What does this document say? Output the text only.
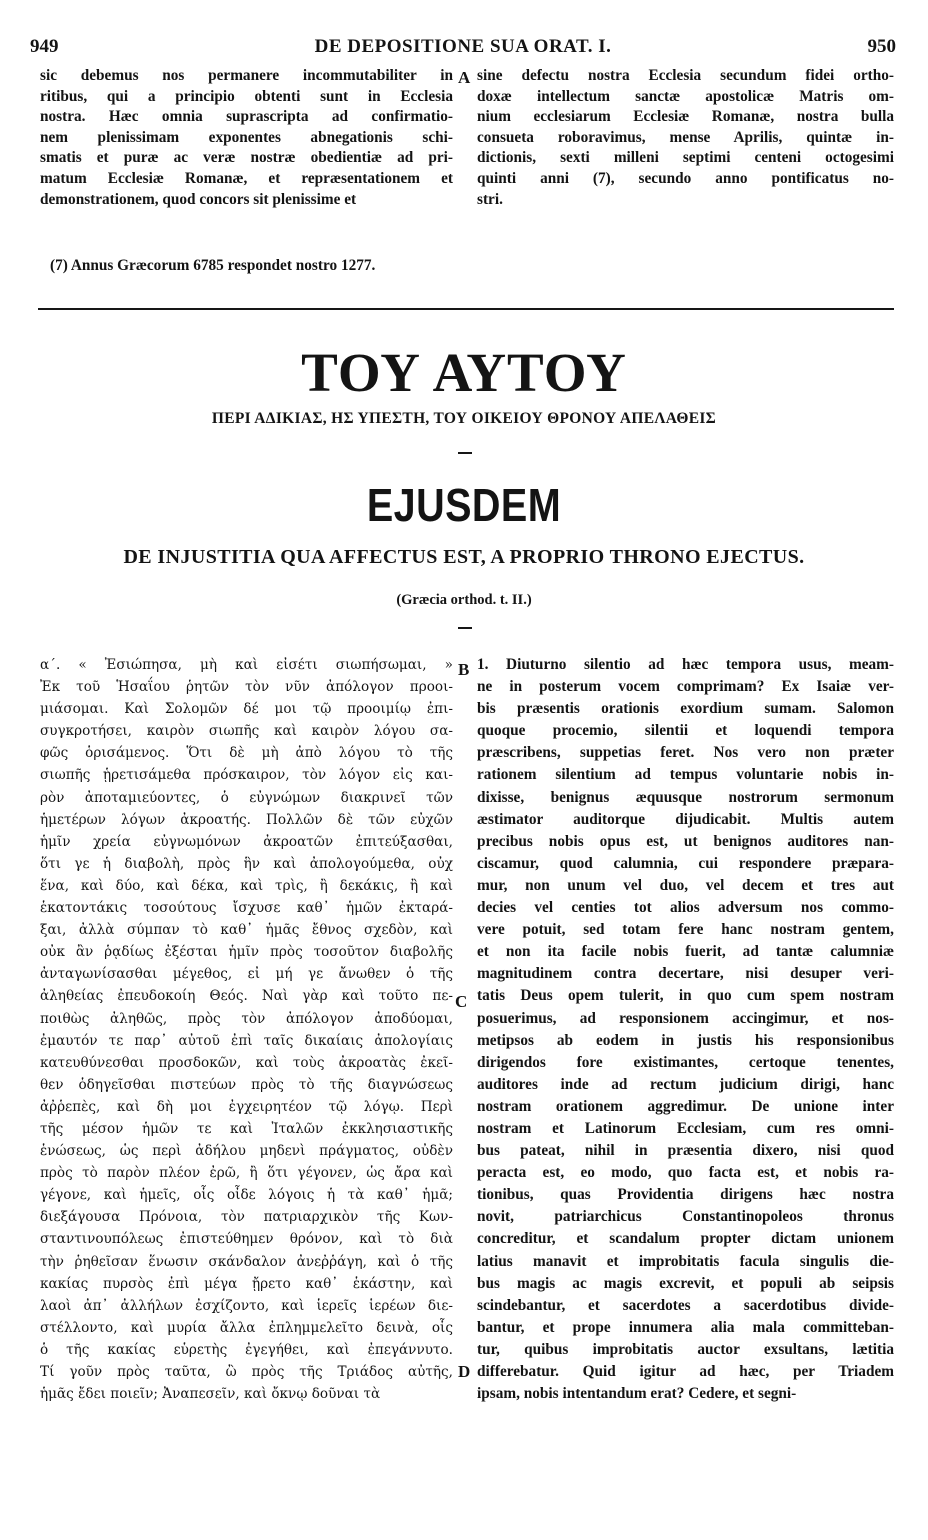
949	DE DEPOSITIONE SUA ORAT. I.	950
sic debemus nos permanere incommutabiliter in
ritibus, qui a principio obtenti sunt in Ecclesia
nostra. Hæc omnia suprascripta ad confirmatio-
nem plenissimam exponentes abnegationis schi-
smatis et puræ ac veræ nostræ obedientiæ ad pri-
matum Ecclesiæ Romanæ, et repræsentationem et
demonstrationem, quod concors sit plenissime et
sine defectu nostra Ecclesia secundum fidei ortho-
doxæ intellectum sanctæ apostolicæ Matris om-
nium ecclesiarum Ecclesiæ Romanæ, nostra bulla
consueta roboravimus, mense Aprilis, quintæ in-
dictionis, sexti milleni septimi centeni octogesimi
quinti anni (7), secundo anno pontificatus no-
stri.
A
(7) Annus Græcorum 6785 respondet nostro 1277.
ΤΟΥ ΑΥΤΟΥ
ΠΕΡΙ ΑΔΙΚΙΑΣ, ΗΣ ΥΠΕΣΤΗ, ΤΟΥ ΟΙΚΕΙΟΥ ΘΡΟΝΟΥ ΑΠΕΛΑΘΕΙΣ
EJUSDEM
DE INJUSTITIA QUA AFFECTUS EST, A PROPRIO THRONO EJECTUS.
(Græcia orthod. t. II.)
α΄. « Ἐσιώπησα, μὴ καὶ εἰσέτι σιωπήσωμαι, »
Ἐκ τοῦ Ἡσαΐου ῥητῶν τὸν νῦν ἀπόλογον προοι-
μιάσομαι. Καὶ Σολομῶν δέ μοι τῷ προοιμίῳ ἐπι-
συγκροτήσει, καιρὸν σιωπῆς καὶ καιρὸν λόγου σα-
φῶς ὁρισάμενος. Ὅτι δὲ μὴ ἀπὸ λόγου τὸ τῆς
σιωπῆς ᾑρετισάμεθα πρόσκαιρον, τὸν λόγον εἰς και-
ρὸν ἀποταμιεύοντες, ὁ εὐγνώμων διακρινεῖ τῶν
ἡμετέρων λόγων ἀκροατής. Πολλῶν δὲ τῶν εὐχῶν
ἡμῖν χρεία εὐγνωμόνων ἀκροατῶν ἐπιτεύξασθαι,
ὅτι γε ἡ διαβολὴ, πρὸς ἣν καὶ ἀπολογούμεθα, οὐχ
ἕνα, καὶ δύο, καὶ δέκα, καὶ τρὶς, ἢ δεκάκις, ἢ καὶ
ἑκατοντάκις τοσούτους ἴσχυσε καθ᾽ ἡμῶν ἐκταρά-
ξαι, ἀλλὰ σύμπαν τὸ καθ᾽ ἡμᾶς ἔθνος σχεδὸν, καὶ
οὐκ ἂν ῥᾳδίως ἐξέσται ἡμῖν πρὸς τοσοῦτον διαβολῆς
ἀνταγωνίσασθαι μέγεθος, εἰ μή γε ἄνωθεν ὁ τῆς
ἀληθείας ἐπευδοκοίη Θεός. Ναὶ γὰρ καὶ τοῦτο πε-
ποιθὼς ἀληθῶς, πρὸς τὸν ἀπόλογον ἀποδύομαι,
ἐμαυτόν τε παρ᾽ αὐτοῦ ἐπὶ ταῖς δικαίαις ἀπολογίαις
κατευθύνεσθαι προσδοκῶν, καὶ τοὺς ἀκροατὰς ἐκεῖ-
θεν ὁδηγεῖσθαι πιστεύων πρὸς τὸ τῆς διαγνώσεως
ἀῤῥεπὲς, καὶ δὴ μοι ἐγχειρητέον τῷ λόγῳ. Περὶ
τῆς μέσον ἡμῶν τε καὶ Ἰταλῶν ἐκκλησιαστικῆς
ἑνώσεως, ὡς περὶ ἀδήλου μηδενὶ πράγματος, οὐδὲν
πρὸς τὸ παρὸν πλέον ἐρῶ, ἢ ὅτι γέγονεν, ὡς ἄρα καὶ
γέγονε, καὶ ἡμεῖς, οἷς οἶδε λόγοις ἡ τὰ καθ᾽ ἡμᾶ;
διεξάγουσα Πρόνοια, τὸν πατριαρχικὸν τῆς Κων-
σταντινουπόλεως ἐπιστεύθημεν θρόνον, καὶ τὸ διὰ
τὴν ῥηθεῖσαν ἕνωσιν σκάνδαλον ἀνεῤῥάγη, καὶ ὁ τῆς
κακίας πυρσὸς ἐπὶ μέγα ᾔρετο καθ᾽ ἑκάστην, καὶ
λαοὶ ἀπ᾽ ἀλλήλων ἐσχίζοντο, καὶ ἱερεῖς ἱερέων διε-
στέλλοντο, καὶ μυρία ἄλλα ἐπλημμελεῖτο δεινὰ, οἷς
ὁ τῆς κακίας εὑρετὴς ἐγεγήθει, καὶ ἐπεγάννυτο.
Τί γοῦν πρὸς ταῦτα, ὢ πρὸς τῆς Τριάδος αὐτῆς,
ἡμᾶς ἔδει ποιεῖν; Ἀναπεσεῖν, καὶ ὄκνῳ δοῦναι τὰ
1. Diuturno silentio ad hæc tempora usus, meam-
ne in posterum vocem comprimam? Ex Isaiæ ver-
bis præsentis orationis exordium sumam. Salomon
quoque procemio, silentii et loquendi tempora
præscribens, suppetias feret. Nos vero non præter
rationem silentium ad tempus voluntarie nobis in-
dixisse, benignus æquusque nostrorum sermonum
æstimator auditorque dijudicabit. Multis autem
precibus nobis opus est, ut benignos auditores nan-
ciscamur, quod calumnia, cui respondere præpara-
mur, non unum vel duo, vel decem et tres aut
decies vel centies tot alios adversum nos commo-
vere potuit, sed totam fere hanc nostram gentem,
et non ita facile nobis fuerit, ad tantæ calumniæ
magnitudinem contra decertare, nisi desuper veri-
tatis Deus opem tulerit, in quo cum spem nostram
posuerimus, ad responsionem accingimur, et nos-
metipsos ab eodem in justis his responsionibus
dirigendos fore existimantes, certoque tenentes,
auditores inde ad rectum judicium dirigi, hanc
nostram orationem aggredimur. De unione inter
nostram et Latinorum Ecclesiam, cum res omni-
bus pateat, nihil in præsentia dixero, nisi quod
peracta est, eo modo, quo facta est, et nobis ra-
tionibus, quas Providentia dirigens hæc nostra
novit, patriarchicus Constantinopoleos thronus
concreditur, et scandalum propter dictam unionem
latius manavit et improbitatis facula singulis die-
bus magis ac magis excrevit, et populi ab seipsis
scindebantur, et sacerdotes a sacerdotibus divide-
bantur, et prope innumera alia mala committeban-
tur, quibus improbitatis auctor exsultans, lætitia
differebatur. Quid igitur ad hæc, per Triadem
ipsam, nobis intentandum erat? Cedere, et segni-
B
C
D
